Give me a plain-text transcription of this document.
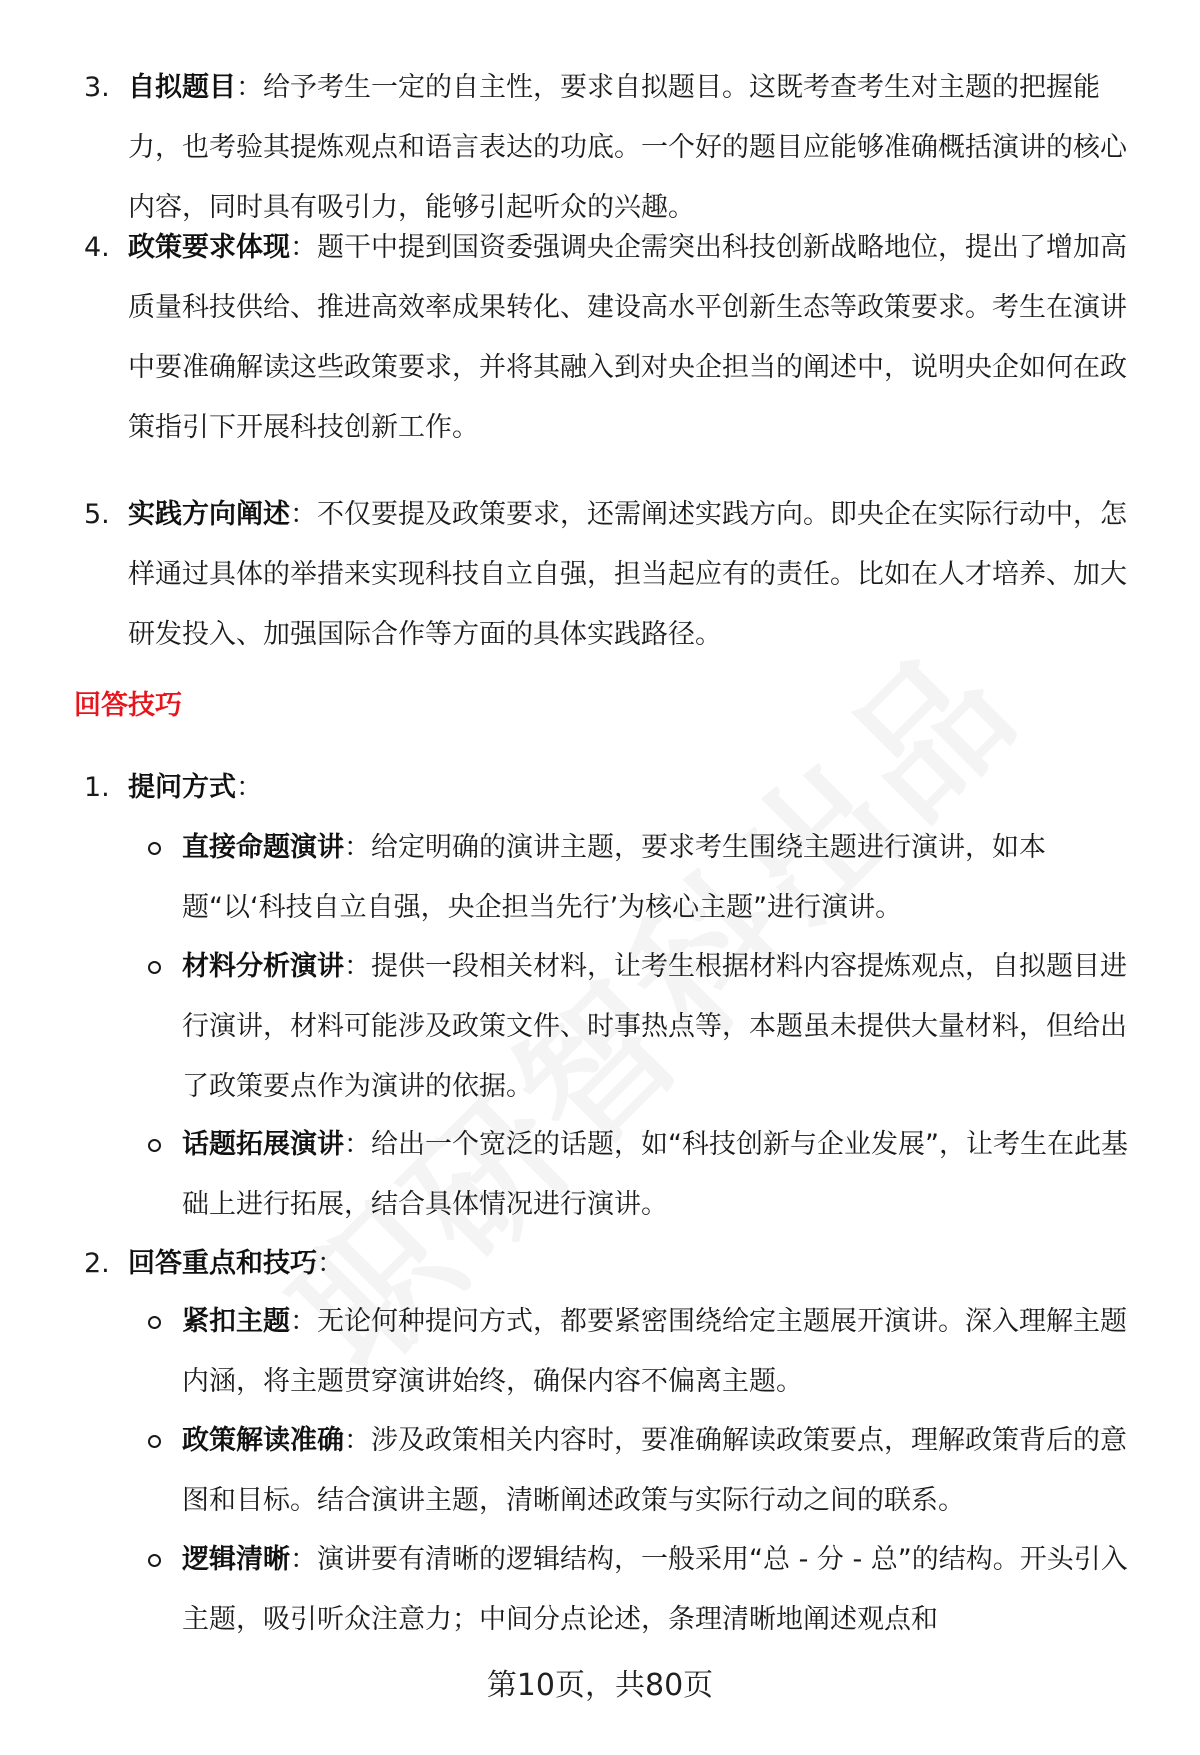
3. 自拟题目：给予考生一定的自主性，要求自拟题目。这既考查考生对主题的把握能力，也考验其提炼观点和语言表达的功底。一个好的题目应能够准确概括演讲的核心内容，同时具有吸引力，能够引起听众的兴趣。
4. 政策要求体现：题干中提到国资委强调央企需突出科技创新战略地位，提出了增加高质量科技供给、推进高效率成果转化、建设高水平创新生态等政策要求。考生在演讲中要准确解读这些政策要求，并将其融入到对央企担当的阐述中，说明央企如何在政策指引下开展科技创新工作。
5. 实践方向阐述：不仅要提及政策要求，还需阐述实践方向。即央企在实际行动中，怎样通过具体的举措来实现科技自立自强，担当起应有的责任。比如在人才培养、加大研发投入、加强国际合作等方面的具体实践路径。
回答技巧
1. 提问方式：
直接命题演讲：给定明确的演讲主题，要求考生围绕主题进行演讲，如本题“以‘科技自立自强，央企担当先行’为核心主题”进行演讲。
材料分析演讲：提供一段相关材料，让考生根据材料内容提炼观点，自拟题目进行演讲，材料可能涉及政策文件、时事热点等，本题虽未提供大量材料，但给出了政策要点作为演讲的依据。
话题拓展演讲：给出一个宽泛的话题，如“科技创新与企业发展”，让考生在此基础上进行拓展，结合具体情况进行演讲。
2. 回答重点和技巧：
紧扣主题：无论何种提问方式，都要紧密围绕给定主题展开演讲。深入理解主题内涵，将主题贯穿演讲始终，确保内容不偏离主题。
政策解读准确：涉及政策相关内容时，要准确解读政策要点，理解政策背后的意图和目标。结合演讲主题，清晰阐述政策与实际行动之间的联系。
逻辑清晰：演讲要有清晰的逻辑结构，一般采用“总 - 分 - 总”的结构。开头引入主题，吸引听众注意力；中间分点论述，条理清晰地阐述观点和
第10页，共80页
